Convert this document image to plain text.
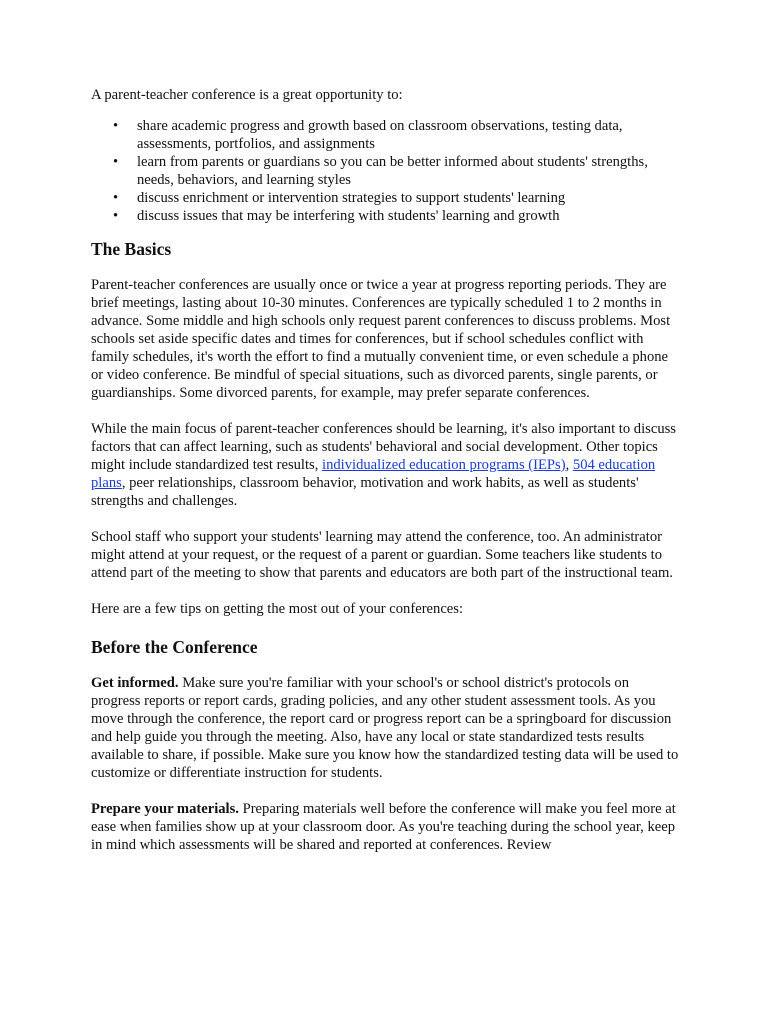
A parent-teacher conference is a great opportunity to:

• share academic progress and growth based on classroom observations, testing data, assessments, portfolios, and assignments
• learn from parents or guardians so you can be better informed about students' strengths, needs, behaviors, and learning styles
• discuss enrichment or intervention strategies to support students' learning
• discuss issues that may be interfering with students' learning and growth
The Basics

Parent-teacher conferences are usually once or twice a year at progress reporting periods. They are brief meetings, lasting about 10-30 minutes. Conferences are typically scheduled 1 to 2 months in advance. Some middle and high schools only request parent conferences to discuss problems. Most schools set aside specific dates and times for conferences, but if school schedules conflict with family schedules, it's worth the effort to find a mutually convenient time, or even schedule a phone or video conference. Be mindful of special situations, such as divorced parents, single parents, or guardianships. Some divorced parents, for example, may prefer separate conferences.

While the main focus of parent-teacher conferences should be learning, it's also important to discuss factors that can affect learning, such as students' behavioral and social development. Other topics might include standardized test results, individualized education programs (IEPs), 504 education plans, peer relationships, classroom behavior, motivation and work habits, as well as students' strengths and challenges.

School staff who support your students' learning may attend the conference, too. An administrator might attend at your request, or the request of a parent or guardian. Some teachers like students to attend part of the meeting to show that parents and educators are both part of the instructional team.

Here are a few tips on getting the most out of your conferences:

Before the Conference

Get informed. Make sure you're familiar with your school's or school district's protocols on progress reports or report cards, grading policies, and any other student assessment tools. As you move through the conference, the report card or progress report can be a springboard for discussion and help guide you through the meeting. Also, have any local or state standardized tests results available to share, if possible. Make sure you know how the standardized testing data will be used to customize or differentiate instruction for students.

Prepare your materials. Preparing materials well before the conference will make you feel more at ease when families show up at your classroom door. As you're teaching during the school year, keep in mind which assessments will be shared and reported at conferences. Review
